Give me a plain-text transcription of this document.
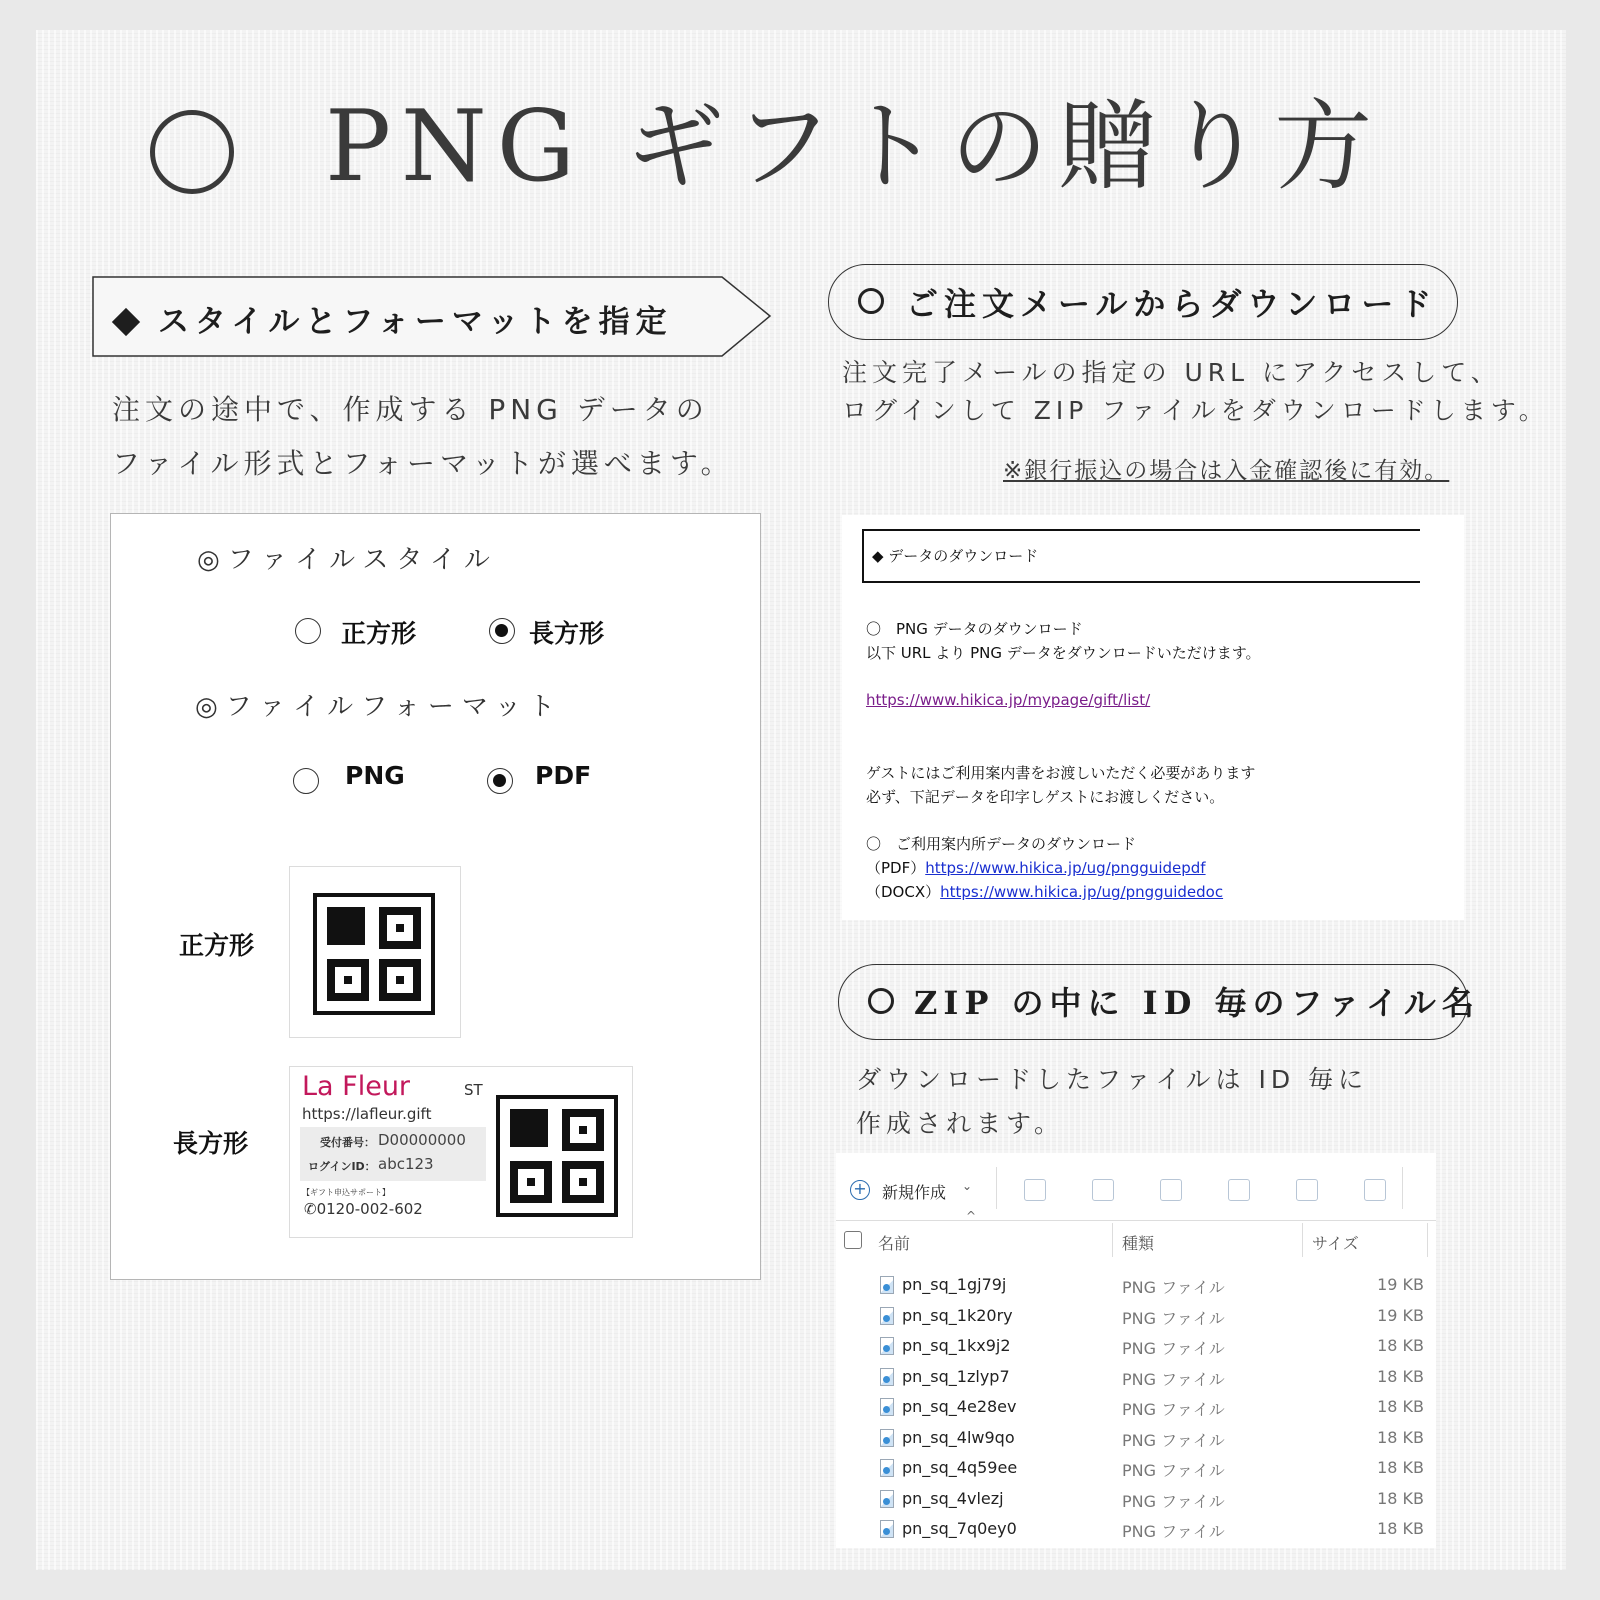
PNG ギフトの贈り方
スタイルとフォーマットを指定
注文の途中で、作成する PNG データの
ファイル形式とフォーマットが選べます。
◎ファイルスタイル
正方形	長方形
◎ファイルフォーマット
PNG	PDF
正方形
長方形
La Fleur	ST
https://lafleur.gift
受付番号： D00000000
ログインID： abc123
【ギフト申込サポート】
✆0120-002-602
ご注文メールからダウンロード
注文完了メールの指定の URL にアクセスして、
ログインして ZIP ファイルをダウンロードします。
※銀行振込の場合は入金確認後に有効。
◆ データのダウンロード
〇　PNG データのダウンロード
以下 URL より PNG データをダウンロードいただけます。
https://www.hikica.jp/mypage/gift/list/
ゲストにはご利用案内書をお渡しいただく必要があります
必ず、下記データを印字しゲストにお渡しください。
〇　ご利用案内所データのダウンロード
（PDF）https://www.hikica.jp/ug/pngguidepdf
（DOCX）https://www.hikica.jp/ug/pngguidedoc
ZIP の中に ID 毎のファイル名
ダウンロードしたファイルは ID 毎に
作成されます。
+ 新規作成 ⌄
^
名前	種類	サイズ
pn_sq_1gj79j	PNG ファイル	19 KB
pn_sq_1k20ry	PNG ファイル	19 KB
pn_sq_1kx9j2	PNG ファイル	18 KB
pn_sq_1zlyp7	PNG ファイル	18 KB
pn_sq_4e28ev	PNG ファイル	18 KB
pn_sq_4lw9qo	PNG ファイル	18 KB
pn_sq_4q59ee	PNG ファイル	18 KB
pn_sq_4vlezj	PNG ファイル	18 KB
pn_sq_7q0ey0	PNG ファイル	18 KB
